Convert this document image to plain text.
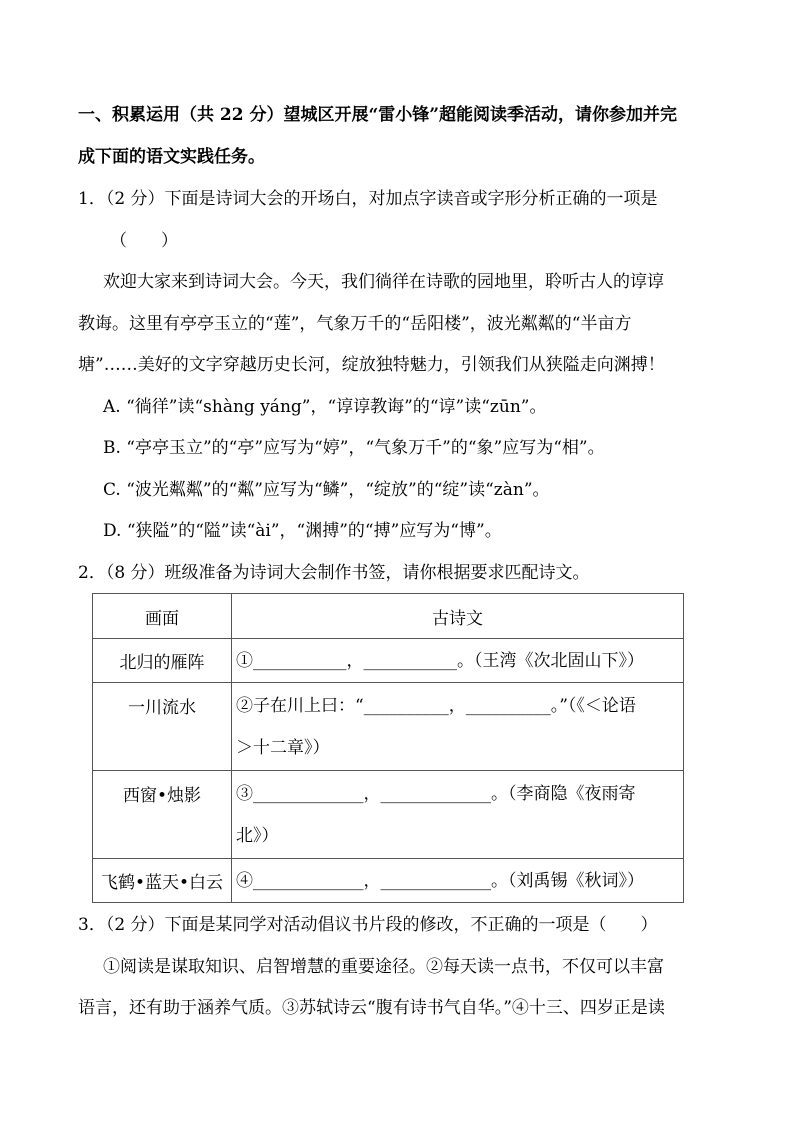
一、积累运用（共 22 分）望城区开展“雷小锋”超能阅读季活动，请你参加并完
成下面的语文实践任务。
1．（2 分）下面是诗词大会的开场白，对加点字读音或字形分析正确的一项是
（　　）
欢迎大家来到诗词大会。今天，我们徜徉在诗歌的园地里，聆听古人的谆谆
教诲。这里有亭亭玉立的“莲”，气象万千的“岳阳楼”，波光粼粼的“半亩方
塘”……美好的文字穿越历史长河，绽放独特魅力，引领我们从狭隘走向渊搏！
A. “徜徉”读“shàng yáng”，“谆谆教诲”的“谆”读“zūn”。
B. “亭亭玉立”的“亭”应写为“婷”，“气象万千”的“象”应写为“相”。
C. “波光粼粼”的“粼”应写为“鳞”，“绽放”的“绽”读“zàn”。
D. “狭隘”的“隘”读“ài”，“渊搏”的“搏”应写为“博”。
2．（8 分）班级准备为诗词大会制作书签，请你根据要求匹配诗文。
画面	古诗文
北归的雁阵	①___________，___________。（王湾《次北固山下》）
一川流水	②子在川上曰：“__________，__________。”（《＜论语
＞十二章》）

西窗•烛影	③_____________，_____________。（李商隐《夜雨寄
北》）

飞鹤•蓝天•白云	④_____________，_____________。（刘禹锡《秋词》）
3．（2 分）下面是某同学对活动倡议书片段的修改，不正确的一项是（　　）
①阅读是谋取知识、启智增慧的重要途径。②每天读一点书，不仅可以丰富
语言，还有助于涵养气质。③苏轼诗云“腹有诗书气自华。”④十三、四岁正是读
